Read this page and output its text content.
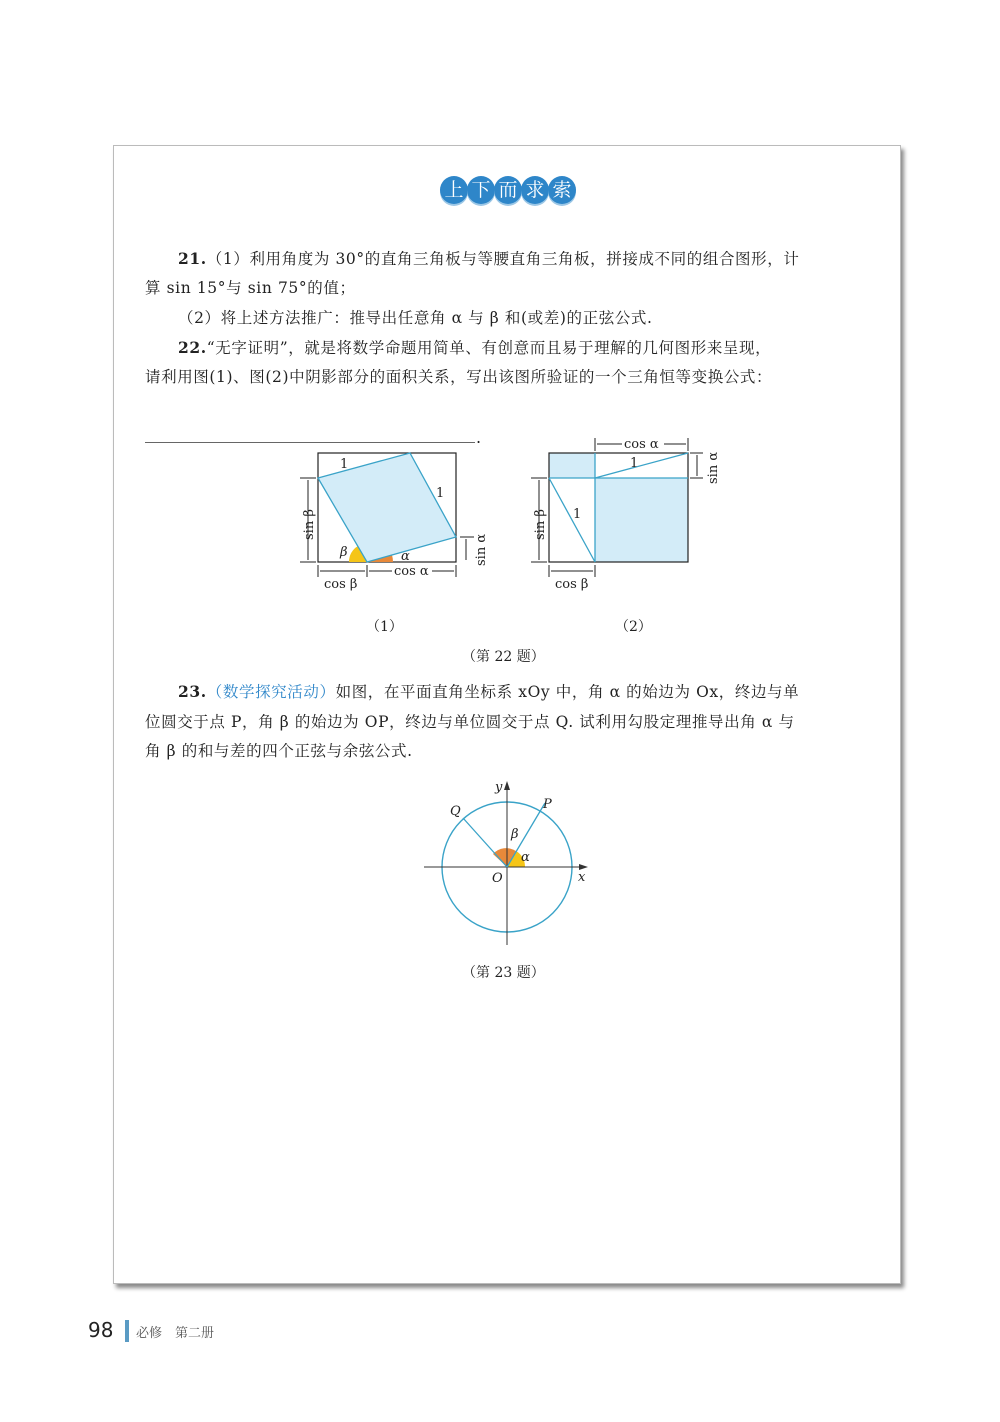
上 下 而 求 索
21.（1）利用角度为 30°的直角三角板与等腰直角三角板，拼接成不同的组合图形，计
算 sin 15°与 sin 75°的值；
（2）将上述方法推广：推导出任意角 α 与 β 和(或差)的正弦公式.
22.“无字证明”，就是将数学命题用简单、有创意而且易于理解的几何图形来呈现，
请利用图(1)、图(2)中阴影部分的面积关系，写出该图所验证的一个三角恒等变换公式：
.
1
1
β	α
sin β
sin α
cos β
cos α
1
1
cos α
sin α
sin β
cos β
x
y
O
P
Q
β
α
（1）	（2）
（第 22 题）
23.（数学探究活动）如图，在平面直角坐标系 xOy 中，角 α 的始边为 Ox，终边与单
位圆交于点 P，角 β 的始边为 OP，终边与单位圆交于点 Q. 试利用勾股定理推导出角 α 与
角 β 的和与差的四个正弦与余弦公式.
（第 23 题）
98 必修　第二册
